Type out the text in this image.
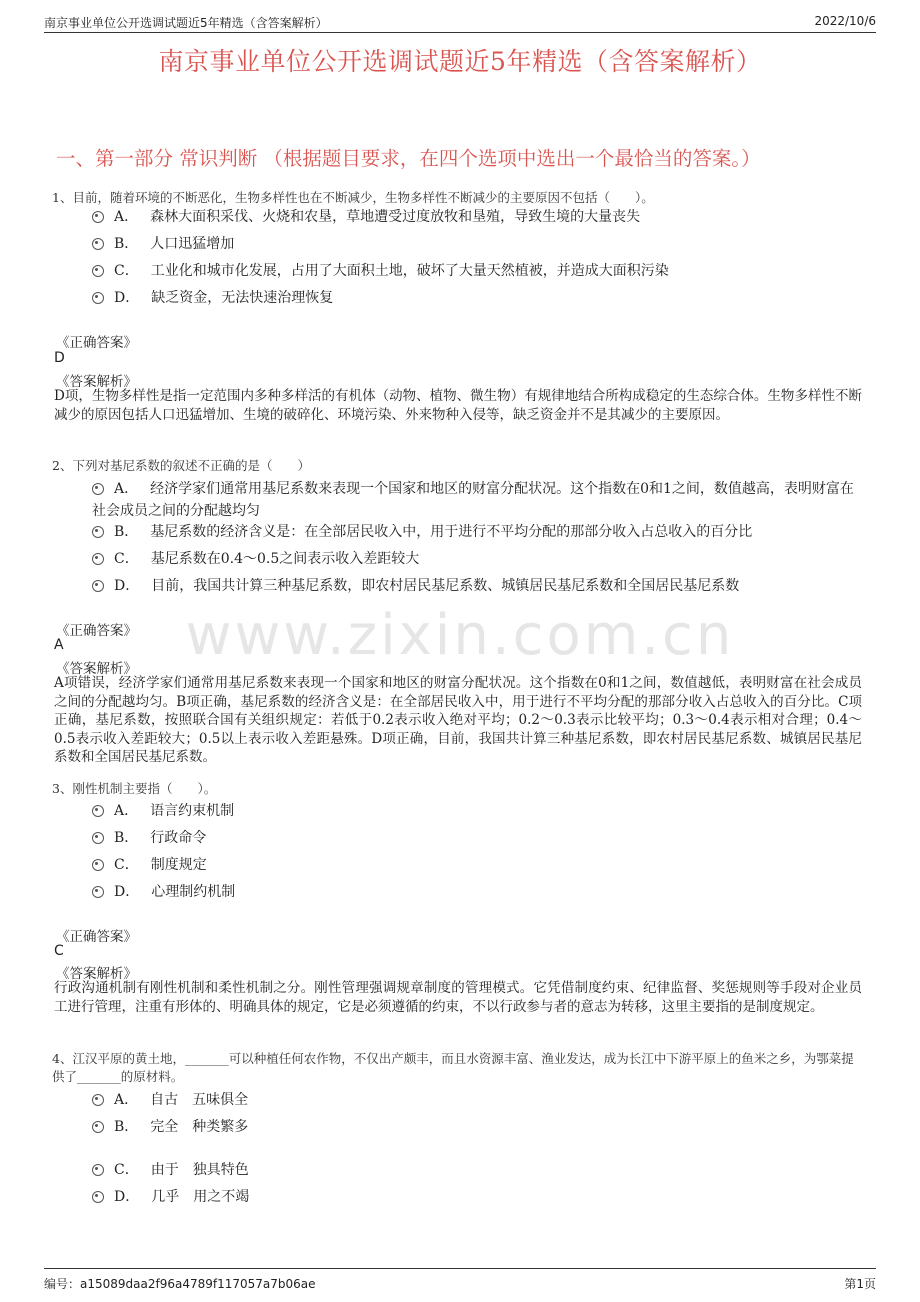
南京事业单位公开选调试题近5年精选（含答案解析）	2022/10/6
www.zixin.com.cn
南京事业单位公开选调试题近5年精选（含答案解析）
一、第一部分 常识判断 （根据题目要求，在四个选项中选出一个最恰当的答案。）
1、目前，随着环境的不断恶化，生物多样性也在不断减少，生物多样性不断减少的主要原因不包括（　　）。
A． 森林大面积采伐、火烧和农垦，草地遭受过度放牧和垦殖，导致生境的大量丧失
B． 人口迅猛增加
C． 工业化和城市化发展，占用了大面积土地，破坏了大量天然植被，并造成大面积污染
D． 缺乏资金，无法快速治理恢复
《正确答案》
D
《答案解析》
D项，生物多样性是指一定范围内多种多样活的有机体（动物、植物、微生物）有规律地结合所构成稳定的生态综合体。生物多样性不断减少的原因包括人口迅猛增加、生境的破碎化、环境污染、外来物种入侵等，缺乏资金并不是其减少的主要原因。
2、下列对基尼系数的叙述不正确的是（　　）
A． 经济学家们通常用基尼系数来表现一个国家和地区的财富分配状况。这个指数在0和1之间，数值越高，表明财富在社会成员之间的分配越均匀
B． 基尼系数的经济含义是：在全部居民收入中，用于进行不平均分配的那部分收入占总收入的百分比
C． 基尼系数在0.4～0.5之间表示收入差距较大
D． 目前，我国共计算三种基尼系数，即农村居民基尼系数、城镇居民基尼系数和全国居民基尼系数
《正确答案》
A
《答案解析》
A项错误，经济学家们通常用基尼系数来表现一个国家和地区的财富分配状况。这个指数在0和1之间，数值越低，表明财富在社会成员之间的分配越均匀。B项正确，基尼系数的经济含义是：在全部居民收入中，用于进行不平均分配的那部分收入占总收入的百分比。C项正确，基尼系数，按照联合国有关组织规定：若低于0.2表示收入绝对平均；0.2～0.3表示比较平均；0.3～0.4表示相对合理；0.4～0.5表示收入差距较大；0.5以上表示收入差距悬殊。D项正确，目前，我国共计算三种基尼系数，即农村居民基尼系数、城镇居民基尼系数和全国居民基尼系数。
3、刚性机制主要指（　　）。
A． 语言约束机制
B． 行政命令
C． 制度规定
D． 心理制约机制
《正确答案》
C
《答案解析》
行政沟通机制有刚性机制和柔性机制之分。刚性管理强调规章制度的管理模式。它凭借制度约束、纪律监督、奖惩规则等手段对企业员工进行管理，注重有形体的、明确具体的规定，它是必须遵循的约束，不以行政参与者的意志为转移，这里主要指的是制度规定。
4、江汉平原的黄土地，_______可以种植任何农作物，不仅出产颇丰，而且水资源丰富、渔业发达，成为长江中下游平原上的鱼米之乡，为鄂菜提供了_______的原材料。
A． 自古　五味俱全
B． 完全　种类繁多
C． 由于　独具特色
D． 几乎　用之不竭
编号：a15089daa2f96a4789f117057a7b06ae	第1页
